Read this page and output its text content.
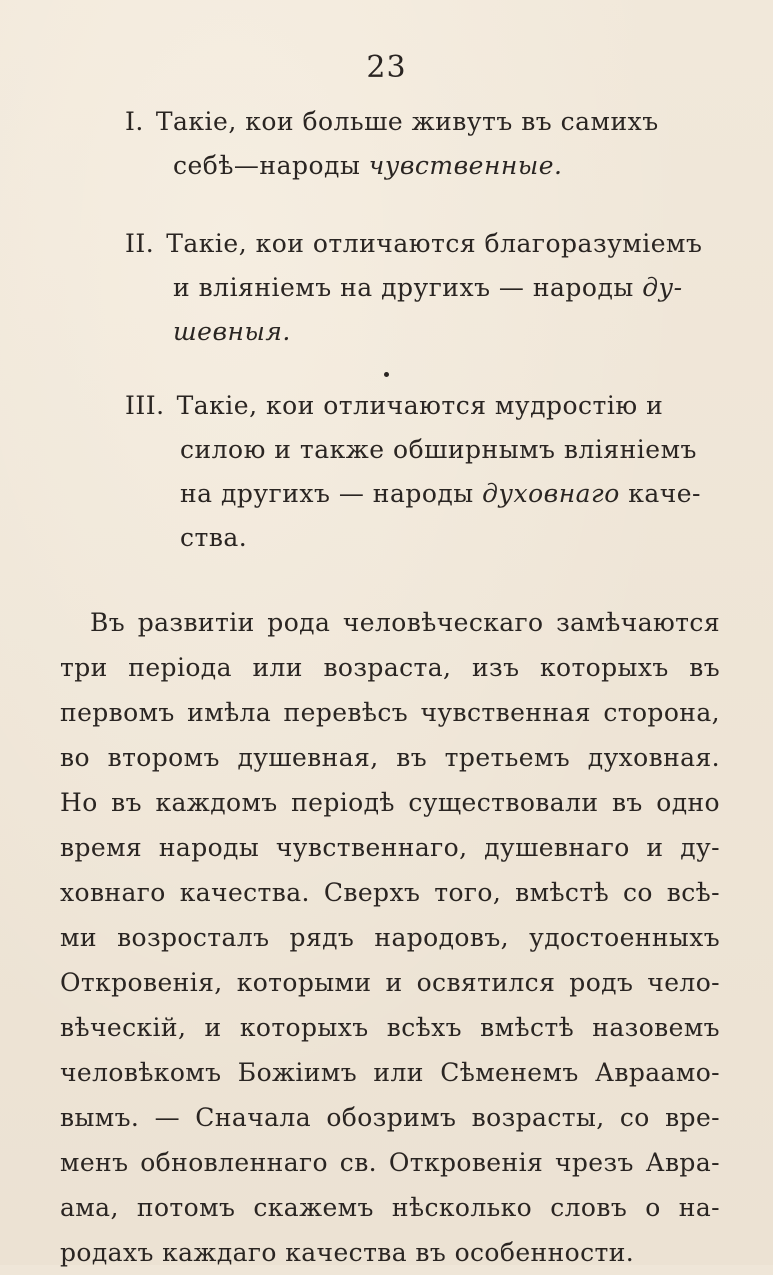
23
I. Такіе, кои больше живутъ въ самихъ
себѣ—народы чувственные.
II. Такіе, кои отличаются благоразуміемъ
и вліяніемъ на другихъ — народы ду-
шевныя.
III. Такіе, кои отличаются мудростію и
силою и также обширнымъ вліяніемъ
на другихъ — народы духовнаго каче-
ства.
Въ развитіи рода человѣческаго замѣчаются
три періода или возраста, изъ которыхъ въ
первомъ имѣла перевѣсъ чувственная сторона,
во второмъ душевная, въ третьемъ духовная.
Но въ каждомъ періодѣ существовали въ одно
время народы чувственнаго, душевнаго и ду-
ховнаго качества. Сверхъ того, вмѣстѣ со всѣ-
ми возросталъ рядъ народовъ, удостоенныхъ
Откровенія, которыми и освятился родъ чело-
вѣческій, и которыхъ всѣхъ вмѣстѣ назовемъ
человѣкомъ Божіимъ или Сѣменемъ Авраамо-
вымъ. — Сначала обозримъ возрасты, со вре-
менъ обновленнаго св. Откровенія чрезъ Авра-
ама, потомъ скажемъ нѣсколько словъ о на-
родахъ каждаго качества въ особенности.
